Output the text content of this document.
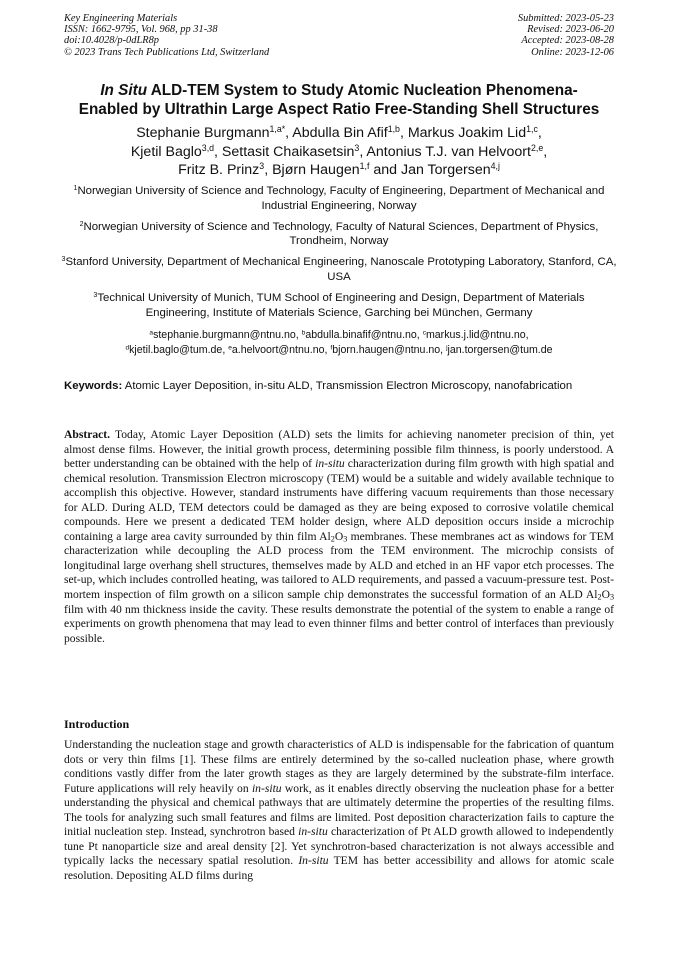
Key Engineering Materials
ISSN: 1662-9795, Vol. 968, pp 31-38
doi:10.4028/p-0dLR8p
© 2023 Trans Tech Publications Ltd, Switzerland
Submitted: 2023-05-23
Revised: 2023-06-20
Accepted: 2023-08-28
Online: 2023-12-06
In Situ ALD-TEM System to Study Atomic Nucleation Phenomena-
Enabled by Ultrathin Large Aspect Ratio Free-Standing Shell Structures
Stephanie Burgmann$^{1,a*}$, Abdulla Bin Afif$^{1,b}$, Markus Joakim Lid$^{1,c}$,
Kjetil Baglo$^{3,d}$, Settasit Chaikasetsin$^3$, Antonius T.J. van Helvoort$^{2,e}$,
Fritz B. Prinz$^3$, Bjørn Haugen$^{1,f}$ and Jan Torgersen$^{4,j}$

$^1$Norwegian University of Science and Technology, Faculty of Engineering, Department of Mechanical and Industrial Engineering, Norway

$^2$Norwegian University of Science and Technology, Faculty of Natural Sciences, Department of Physics, Trondheim, Norway

$^3$Stanford University, Department of Mechanical Engineering, Nanoscale Prototyping Laboratory, Stanford, CA, USA

$^3$Technical University of Munich, TUM School of Engineering and Design, Department of Materials Engineering, Institute of Materials Science, Garching bei München, Germany

$^a$stephanie.burgmann@ntnu.no, $^b$abdulla.binafif@ntnu.no, $^c$markus.j.lid@ntnu.no,
$^d$kjetil.baglo@tum.de, $^e$a.helvoort@ntnu.no, $^f$bjorn.haugen@ntnu.no, $^j$jan.torgersen@tum.de
Keywords: Atomic Layer Deposition, in-situ ALD, Transmission Electron Microscopy, nanofabrication

Abstract. Today, Atomic Layer Deposition (ALD) sets the limits for achieving nanometer precision of thin, yet almost dense films. However, the initial growth process, determining possible film thinness, is poorly understood. A better understanding can be obtained with the help of in-situ characterization during film growth with high spatial and chemical resolution. Transmission Electron microscopy (TEM) would be a suitable and widely available technique to accomplish this objective. However, standard instruments have differing vacuum requirements than those necessary for ALD. During ALD, TEM detectors could be damaged as they are being exposed to corrosive volatile chemical compounds. Here we present a dedicated TEM holder design, where ALD deposition occurs inside a microchip containing a large area cavity surrounded by thin film $Al_2O_3$ membranes. These membranes act as windows for TEM characterization while decoupling the ALD process from the TEM environment. The microchip consists of longitudinal large overhang shell structures, themselves made by ALD and etched in an HF vapor etch processes. The set-up, which includes controlled heating, was tailored to ALD requirements, and passed a vacuum-pressure test. Post-mortem inspection of film growth on a silicon sample chip demonstrates the successful formation of an ALD $Al_2O_3$ film with 40 nm thickness inside the cavity. These results demonstrate the potential of the system to enable a range of experiments on growth phenomena that may lead to even thinner films and better control of interfaces than previously possible.

Introduction

Understanding the nucleation stage and growth characteristics of ALD is indispensable for the fabrication of quantum dots or very thin films [1]. These films are entirely determined by the so-called nucleation phase, where growth conditions vastly differ from the later growth stages as they are largely determined by the substrate-film interface. Future applications will rely heavily on in-situ work, as it enables directly observing the nucleation phase for a better understanding the physical and chemical pathways that are ultimately determine the properties of the resulting films. The tools for analyzing such small features and films are limited. Post deposition characterization fails to capture the initial nucleation step. Instead, synchrotron based in-situ characterization of Pt ALD growth allowed to independently tune Pt nanoparticle size and areal density [2]. Yet synchrotron-based characterization is not always accessible and typically lacks the necessary spatial resolution. In-situ TEM has better accessibility and allows for atomic scale resolution. Depositing ALD films during
